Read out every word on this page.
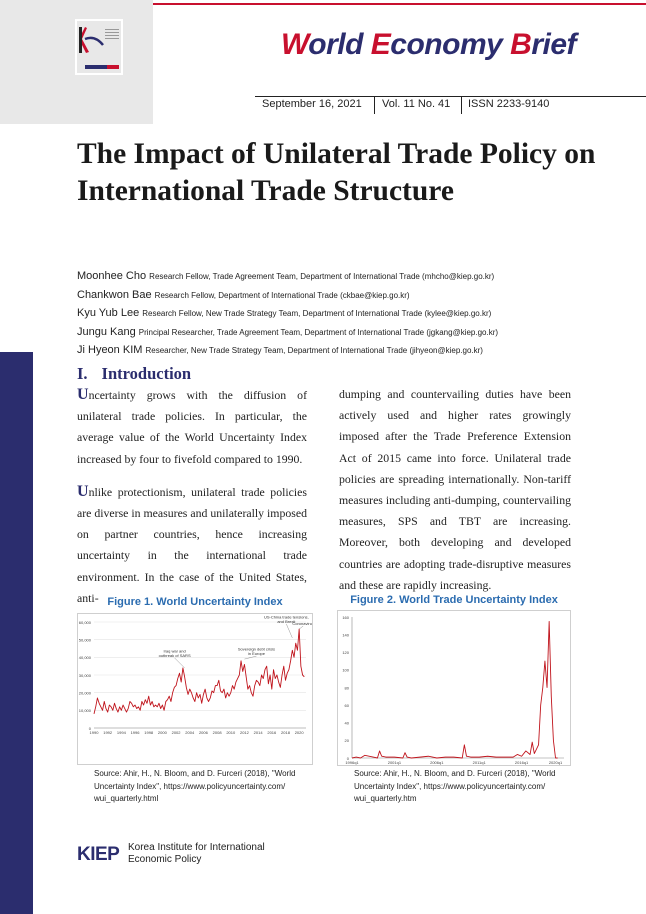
World Economy Brief
September 16, 2021 Vol. 11 No. 41 ISSN 2233-9140
The Impact of Unilateral Trade Policy on International Trade Structure
Moonhee Cho Research Fellow, Trade Agreement Team, Department of International Trade (mhcho@kiep.go.kr)
Chankwon Bae Research Fellow, Department of International Trade (ckbae@kiep.go.kr)
Kyu Yub Lee Research Fellow, New Trade Strategy Team, Department of International Trade (kylee@kiep.go.kr)
Jungu Kang Principal Researcher, Trade Agreement Team, Department of International Trade (jgkang@kiep.go.kr)
Ji Hyeon KIM Researcher, New Trade Strategy Team, Department of International Trade (jihyeon@kiep.go.kr)
I. Introduction

Uncertainty grows with the diffusion of unilateral trade policies. In particular, the average value of the World Uncertainty Index increased by four to fivefold compared to 1990.

Unlike protectionism, unilateral trade policies are diverse in measures and unilaterally imposed on partner countries, hence increasing uncertainty in the international trade environment. In the case of the United States, anti-

dumping and countervailing duties have been actively used and higher rates growingly imposed after the Trade Preference Extension Act of 2015 came into force. Unilateral trade policies are spreading internationally. Non-tariff measures including anti-dumping, countervailing measures, SPS and TBT are increasing. Moreover, both developing and developed countries are adopting trade-disruptive measures and these are rapidly increasing.

Figure 1. World Uncertainty Index
0
10,000
20,000
30,000
40,000
50,000
60,000
1990 1992 1994 1996 1998 2000 2002 2004 2006 2008 2010 2012 2014 2016 2018 2020
Iraq war and outbreak of SARS
Sovereign debt crisis in Europe
US-China trade tensions, and Brexit
Coronavirus
Source: Ahir, H., N. Bloom, and D. Furceri (2018), "World
Uncertainty Index", https://www.policyuncertainty.com/
wui_quarterly.html
Figure 2. World Trade Uncertainty Index
0
20
40
60
80
100
120
140
160
1996q1	2001q1	2006q1	2011q1	2016q1	2020q1
Source: Ahir, H., N. Bloom, and D. Furceri (2018), "World
Uncertainty Index", https://www.policyuncertainty.com/
wui_quarterly.htm
KIEP Korea Institute for International
Economic Policy
